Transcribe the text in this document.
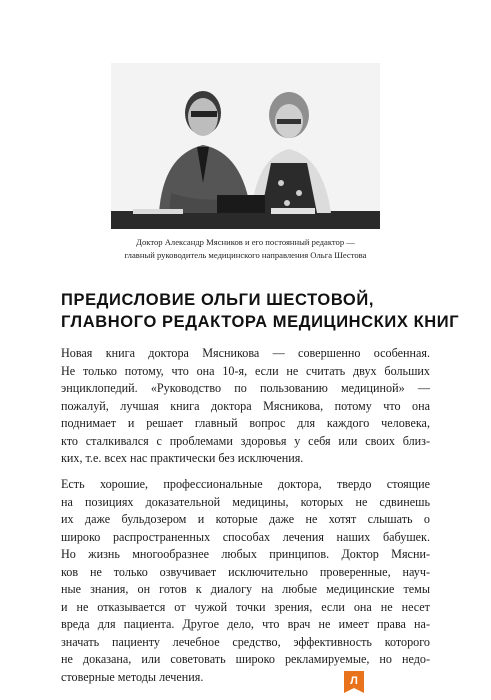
Доктор Александр Мясников и его постоянный редактор —
главный руководитель медицинского направления Ольга Шестова
ПРЕДИСЛОВИЕ ОЛЬГИ ШЕСТОВОЙ,
ГЛАВНОГО РЕДАКТОРА МЕДИЦИНСКИХ КНИГ
Новая книга доктора Мясникова — совершенно особенная.
Не только потому, что она 10-я, если не считать двух больших
энциклопедий. «Руководство по пользованию медициной» —
пожалуй, лучшая книга доктора Мясникова, потому что она
поднимает и решает главный вопрос для каждого человека,
кто сталкивался с проблемами здоровья у себя или своих близ-
ких, т.е. всех нас практически без исключения.
Есть хорошие, профессиональные доктора, твердо стоящие
на позициях доказательной медицины, которых не сдвинешь
их даже бульдозером и которые даже не хотят слышать о
широко распространенных способах лечения наших бабушек.
Но жизнь многообразнее любых принципов. Доктор Мясни-
ков не только озвучивает исключительно проверенные, науч-
ные знания, он готов к диалогу на любые медицинские темы
и не отказывается от чужой точки зрения, если она не несет
вреда для пациента. Другое дело, что врач не имеет права на-
значать пациенту лечебное средство, эффективность которого
не доказана, или советовать широко рекламируемые, но недо-
стоверные методы лечения.	Л
